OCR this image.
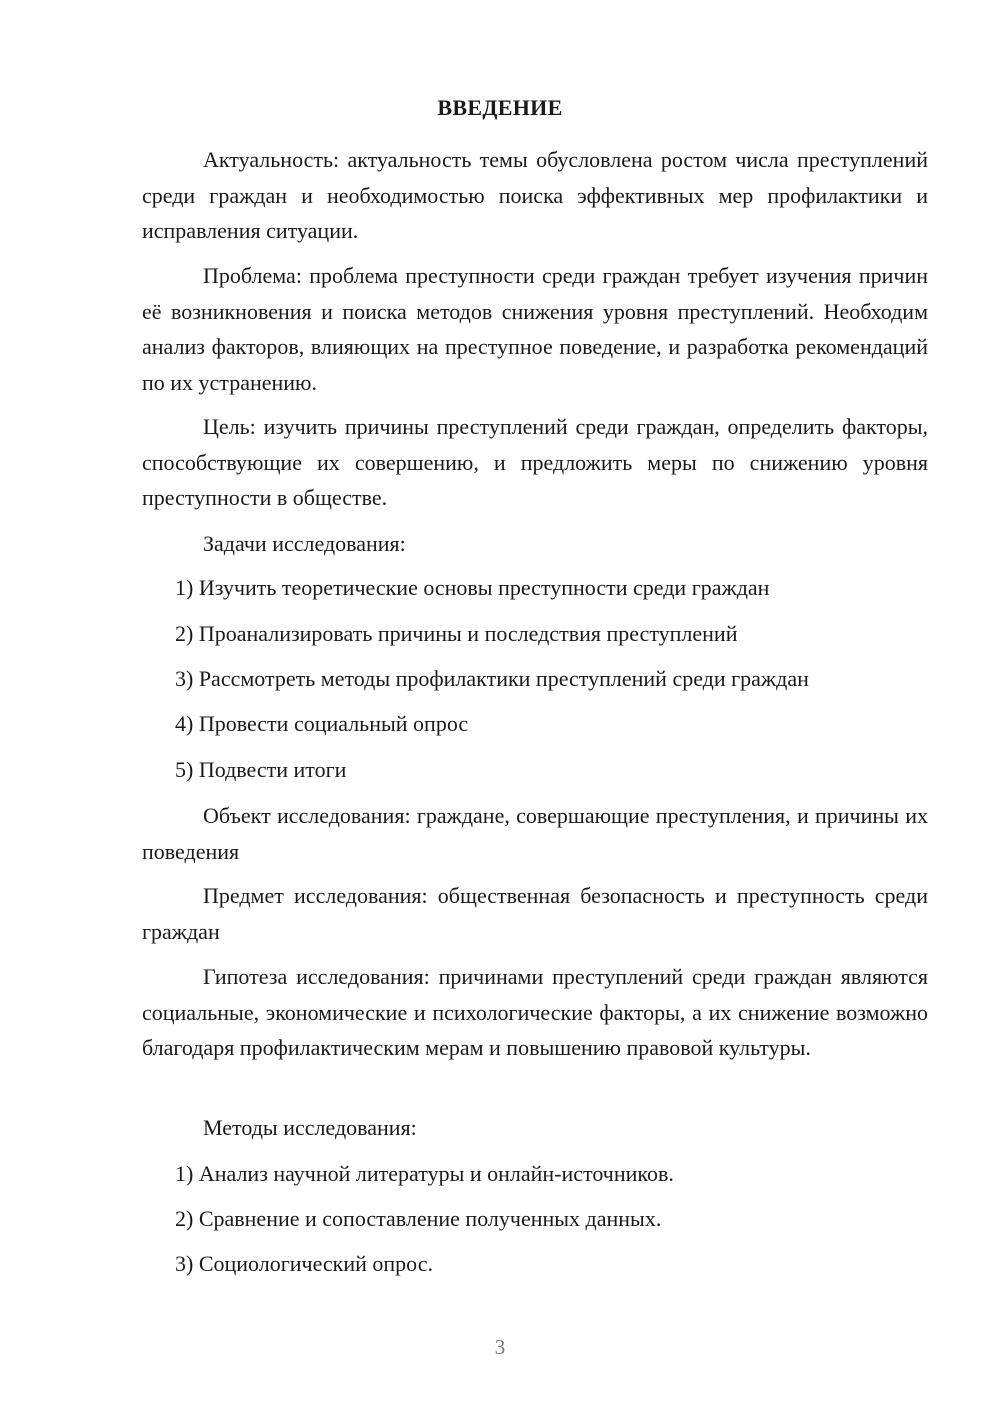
ВВЕДЕНИЕ

Актуальность: актуальность темы обусловлена ростом числа преступлений среди граждан и необходимостью поиска эффективных мер профилактики и исправления ситуации.

Проблема: проблема преступности среди граждан требует изучения причин её возникновения и поиска методов снижения уровня преступлений. Необходим анализ факторов, влияющих на преступное поведение, и разработка рекомендаций по их устранению.

Цель: изучить причины преступлений среди граждан, определить факторы, способствующие их совершению, и предложить меры по снижению уровня преступности в обществе.

Задачи исследования:

1) Изучить теоретические основы преступности среди граждан

2) Проанализировать причины и последствия преступлений

3) Рассмотреть методы профилактики преступлений среди граждан

4) Провести социальный опрос

5) Подвести итоги

Объект исследования: граждане, совершающие преступления, и причины их поведения

Предмет исследования: общественная безопасность и преступность среди граждан

Гипотеза исследования: причинами преступлений среди граждан являются социальные, экономические и психологические факторы, а их снижение возможно благодаря профилактическим мерам и повышению правовой культуры.

Методы исследования:

1) Анализ научной литературы и онлайн-источников.

2) Сравнение и сопоставление полученных данных.

3) Социологический опрос.

3
